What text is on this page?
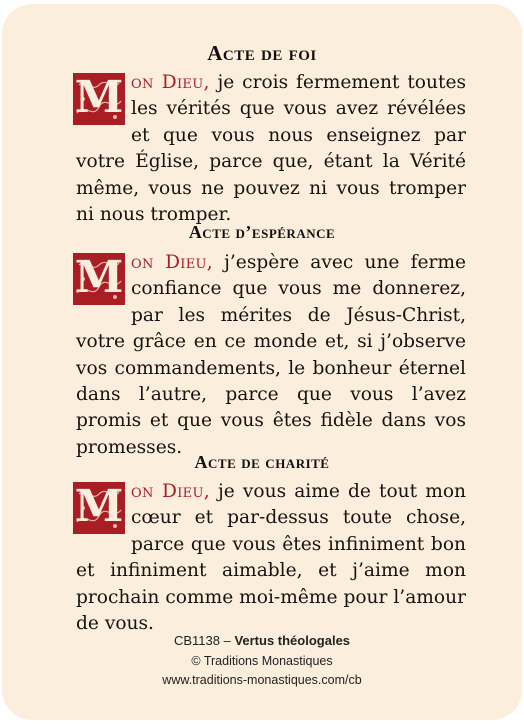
Acte de foi

M on Dieu, je crois fermement toutes les vérités que vous avez révélées et que vous nous enseignez par votre Église, parce que, étant la Vérité même, vous ne pouvez ni vous tromper ni nous tromper.

Acte d’espérance

M on Dieu, j’espère avec une ferme confiance que vous me donnerez, par les mérites de Jésus-Christ, votre grâce en ce monde et, si j’observe vos commandements, le bonheur éternel dans l’autre, parce que vous l’avez promis et que vous êtes fidèle dans vos promesses.

Acte de charité

M on Dieu, je vous aime de tout mon cœur et par-dessus toute chose, parce que vous êtes infiniment bon et infiniment aimable, et j’aime mon prochain comme moi-même pour l’amour de vous.

CB1138 – Vertus théologales
© Traditions Monastiques
www.traditions-monastiques.com/cb
